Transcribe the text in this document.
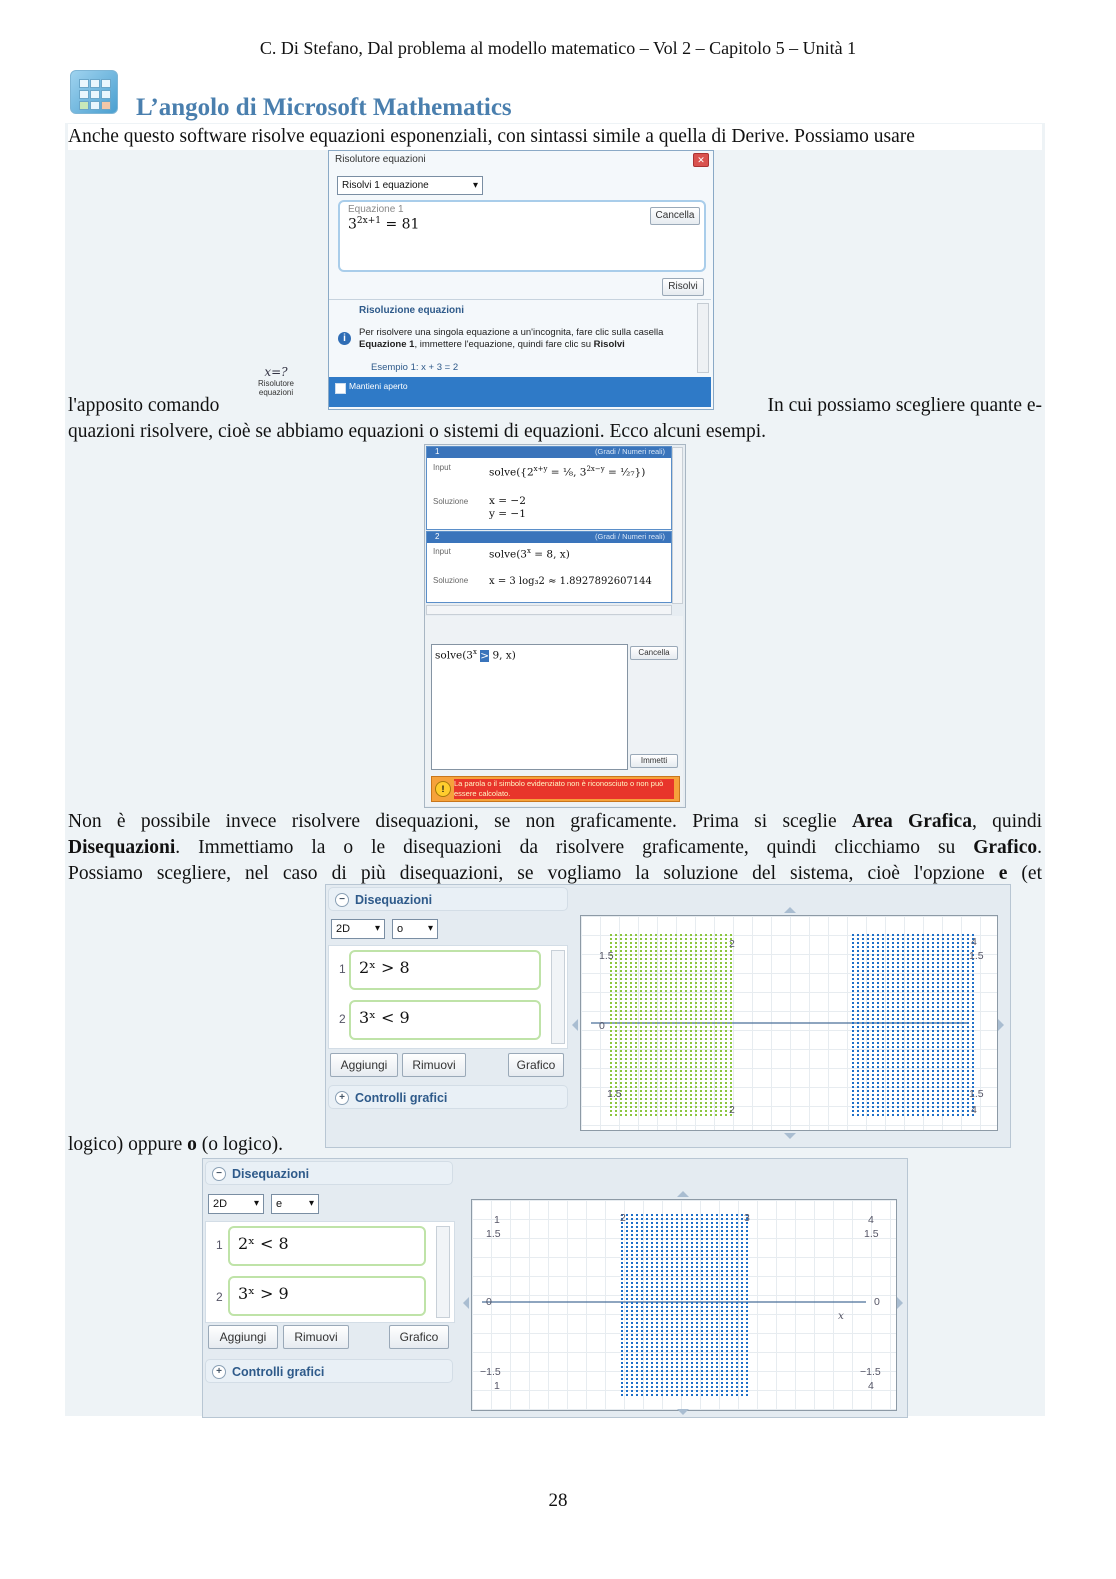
C. Di Stefano, Dal problema al modello matematico – Vol 2 – Capitolo 5 – Unità 1
L’angolo di Microsoft Mathematics
Anche questo software risolve equazioni esponenziali, con sintassi simile a quella di Derive. Possiamo usare
Risolutore equazioni	✕
Risolvi 1 equazione ▾
Equazione 1
$3^{2x+1} = 81$
Cancella
Risolvi
Risoluzione equazioni
i
Per risolvere una singola equazione a un'incognita, fare clic sulla casella
Equazione 1, immettere l'equazione, quindi fare clic su Risolvi
Esempio 1: x + 3 = 2
Mantieni aperto
x=?
Risolutore
equazioni
l'apposito comando	In cui possiamo scegliere quante e-
quazioni risolvere, cioè se abbiamo equazioni o sistemi di equazioni. Ecco alcuni esempi.
1	(Gradi / Numeri reali)
Input	$solve(\{2^{x+y}$ = ¹⁄₈, $3^{2x-y}$ = ¹⁄₂₇})
Soluzione x = −2
y = −1
2	(Gradi / Numeri reali)
Input	$solve(3^x = 8$, x)
Soluzione x = 3 log₃2 ≈ 1.8927892607144
$solve(3^x > 9$, x)	Cancella
Immetti
!
La parola o il simbolo evidenziato non è riconosciuto o non può essere calcolato.
Non è possibile invece risolvere disequazioni, se non graficamente. Prima si sceglie Area Grafica, quindi
Disequazioni. Immettiamo la o le disequazioni da risolvere graficamente, quindi clicchiamo su Grafico.
Possiamo scegliere, nel caso di più disequazioni, se vogliamo la soluzione del sistema, cioè l'opzione e (et
logico) oppure o (o logico).
− Disequazioni
2D ▾	o ▾
1 2ˣ > 8
2 3ˣ < 9
Aggiungi	Rimuovi	Grafico
+ Controlli grafici
1.5
1.5
0
1.5
1.5
2
2
4
4
− Disequazioni
2D ▾	e ▾
1 2ˣ < 8
2 3ˣ > 9
Aggiungi	Rimuovi	Grafico
+ Controlli grafici
1
1.5
4
1.5
0	0
−1.5	−1.5
1	4
2	3
x
28
